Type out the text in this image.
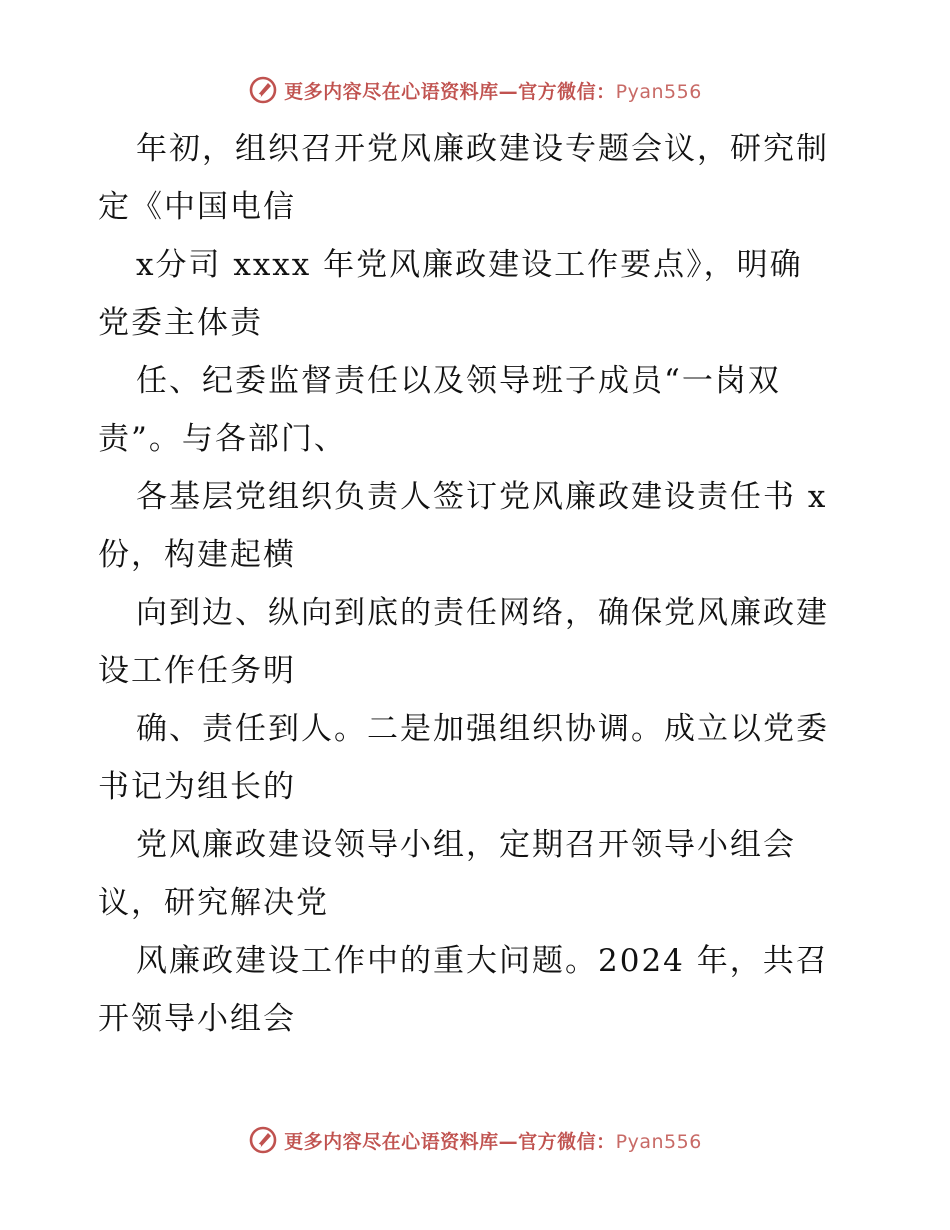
更多内容尽在心语资料库—官方微信：Pyan556
年初，组织召开党风廉政建设专题会议，研究制
定《中国电信
x分司 xxxx 年党风廉政建设工作要点》，明确
党委主体责
任、纪委监督责任以及领导班子成员“一岗双
责”。与各部门、
各基层党组织负责人签订党风廉政建设责任书 x
份，构建起横
向到边、纵向到底的责任网络，确保党风廉政建
设工作任务明
确、责任到人。二是加强组织协调。成立以党委
书记为组长的
党风廉政建设领导小组，定期召开领导小组会
议，研究解决党
风廉政建设工作中的重大问题。2024 年，共召
开领导小组会
更多内容尽在心语资料库—官方微信：Pyan556
